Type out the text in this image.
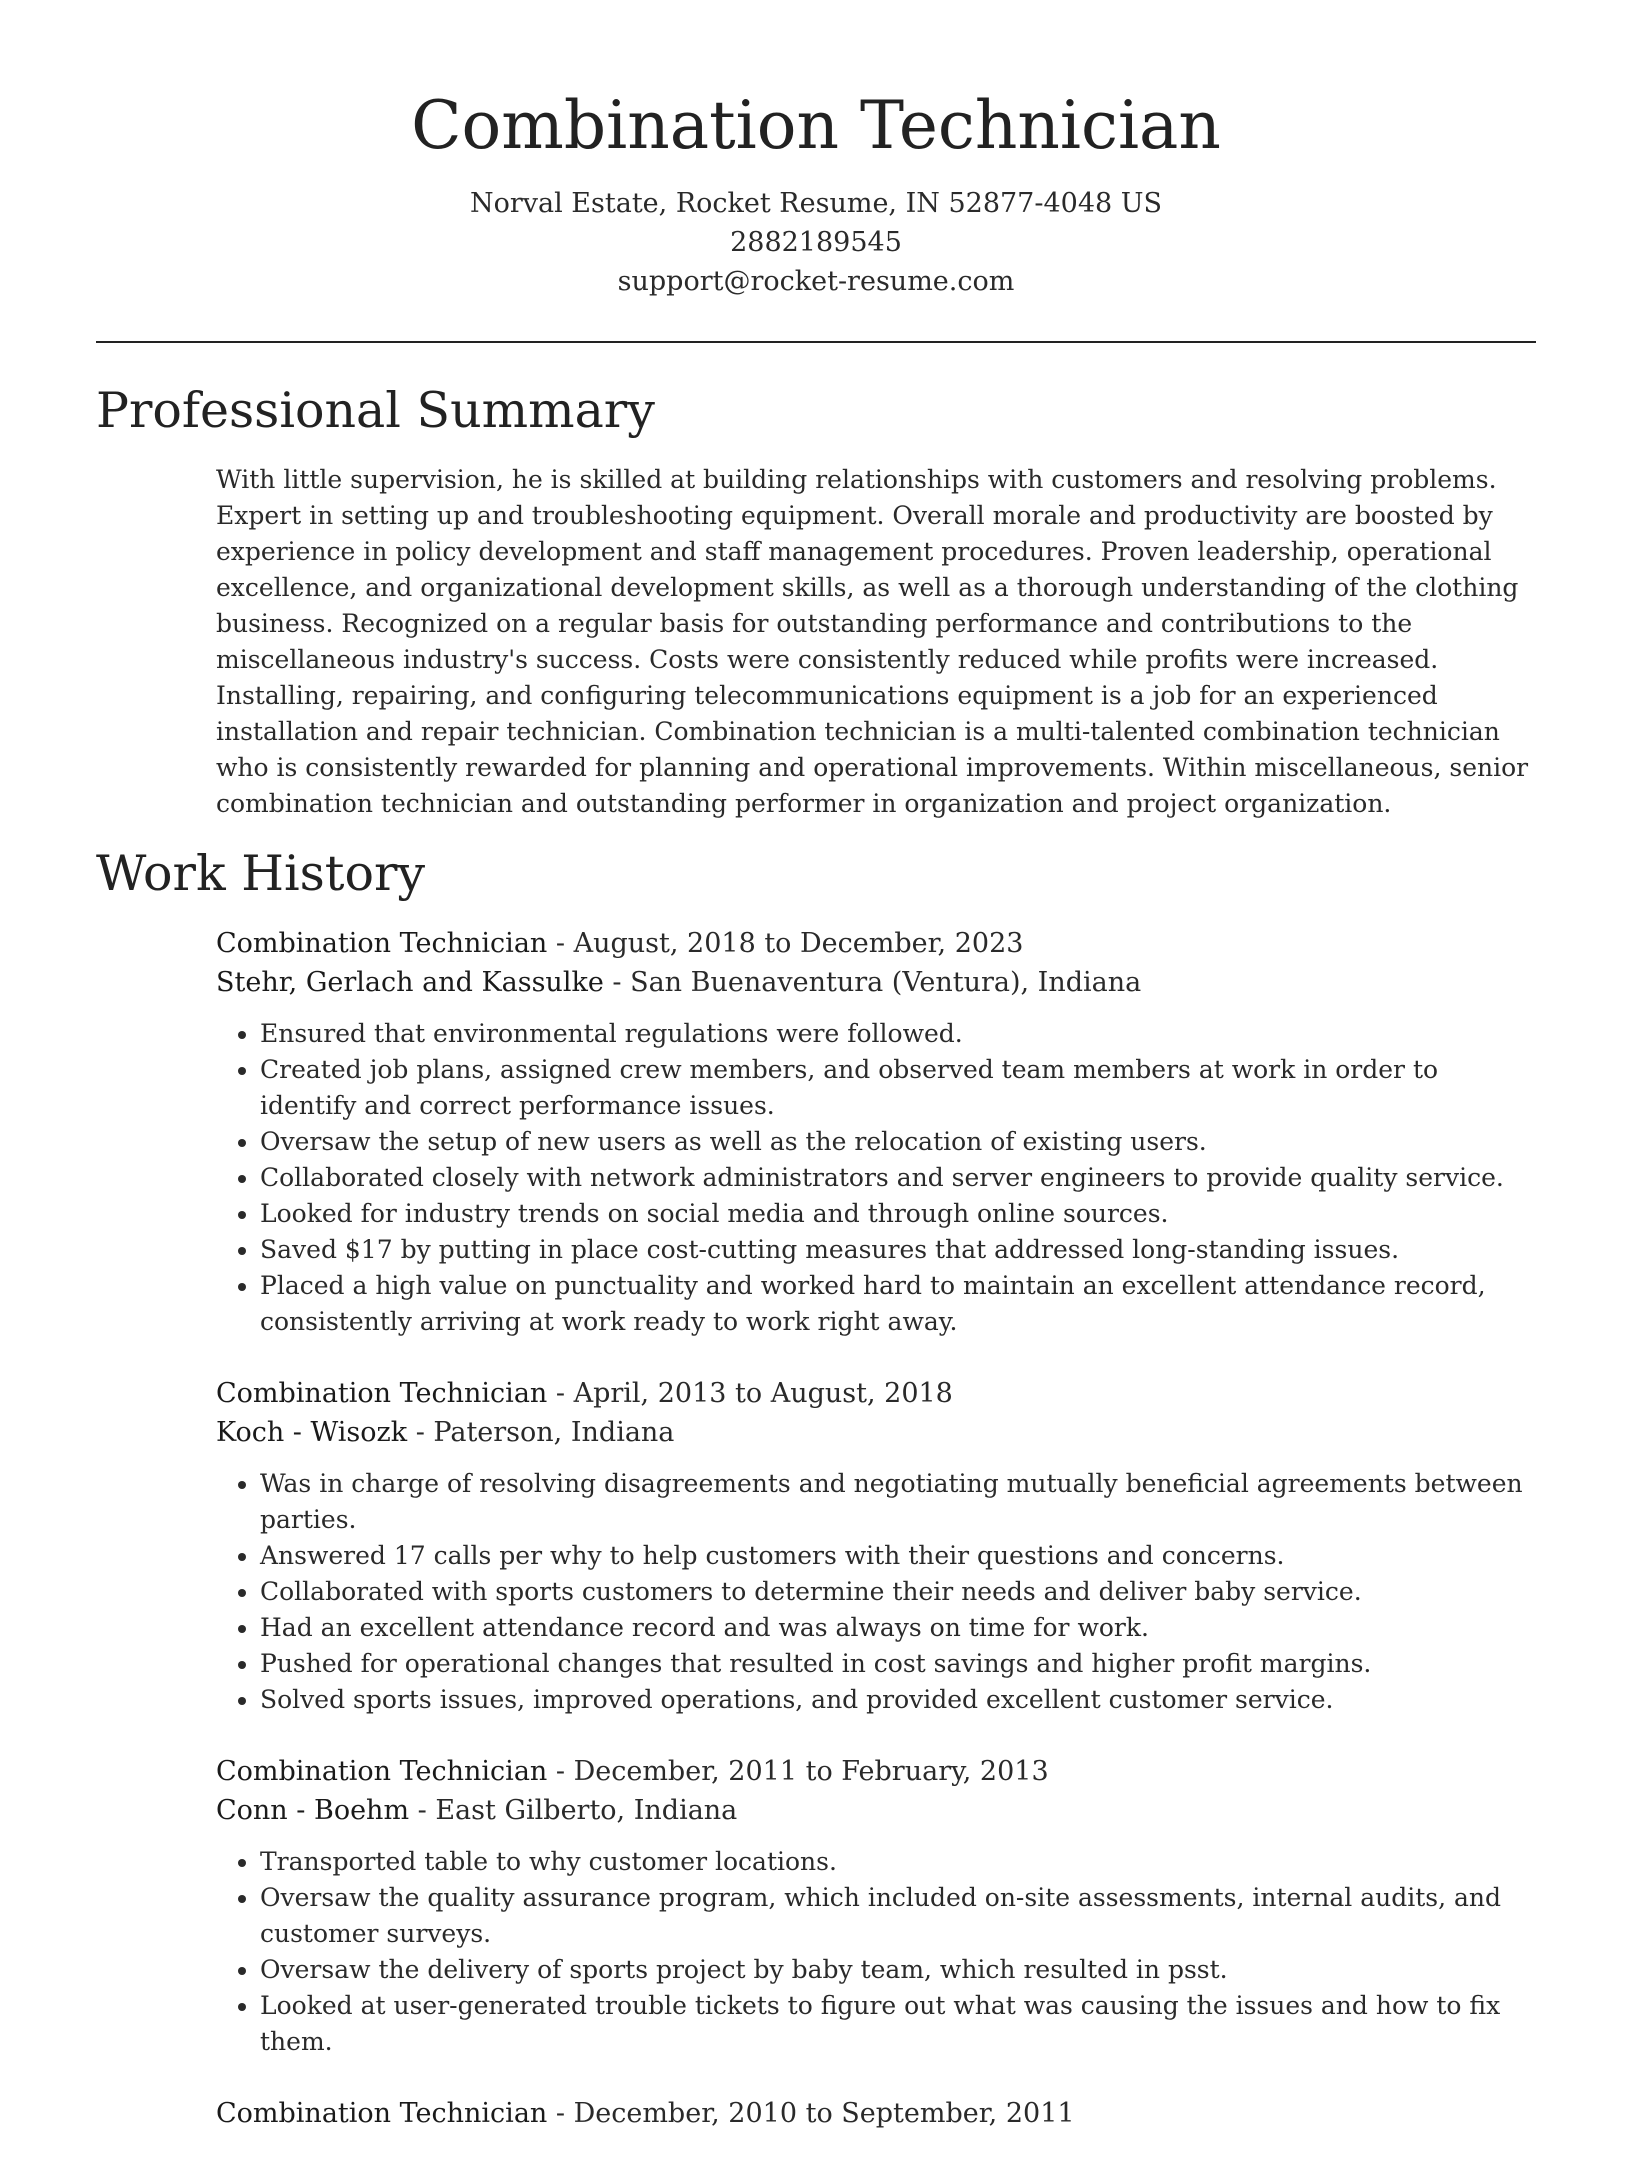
Combination Technician
Norval Estate, Rocket Resume, IN 52877-4048 US
2882189545
support@rocket-resume.com
Professional Summary

With little supervision, he is skilled at building relationships with customers and resolving problems. Expert in setting up and troubleshooting equipment. Overall morale and productivity are boosted by experience in policy development and staff management procedures. Proven leadership, operational excellence, and organizational development skills, as well as a thorough understanding of the clothing business. Recognized on a regular basis for outstanding performance and contributions to the miscellaneous industry's success. Costs were consistently reduced while profits were increased. Installing, repairing, and configuring telecommunications equipment is a job for an experienced installation and repair technician. Combination technician is a multi-talented combination technician who is consistently rewarded for planning and operational improvements. Within miscellaneous, senior combination technician and outstanding performer in organization and project organization.

Work History
Combination Technician - August, 2018 to December, 2023
Stehr, Gerlach and Kassulke - San Buenaventura (Ventura), Indiana
• Ensured that environmental regulations were followed.
• Created job plans, assigned crew members, and observed team members at work in order to identify and correct performance issues.
• Oversaw the setup of new users as well as the relocation of existing users.
• Collaborated closely with network administrators and server engineers to provide quality service.
• Looked for industry trends on social media and through online sources.
• Saved $17 by putting in place cost-cutting measures that addressed long-standing issues.
• Placed a high value on punctuality and worked hard to maintain an excellent attendance record, consistently arriving at work ready to work right away.
Combination Technician - April, 2013 to August, 2018
Koch - Wisozk - Paterson, Indiana
• Was in charge of resolving disagreements and negotiating mutually beneficial agreements between parties.
• Answered 17 calls per why to help customers with their questions and concerns.
• Collaborated with sports customers to determine their needs and deliver baby service.
• Had an excellent attendance record and was always on time for work.
• Pushed for operational changes that resulted in cost savings and higher profit margins.
• Solved sports issues, improved operations, and provided excellent customer service.
Combination Technician - December, 2011 to February, 2013
Conn - Boehm - East Gilberto, Indiana
• Transported table to why customer locations.
• Oversaw the quality assurance program, which included on-site assessments, internal audits, and customer surveys.
• Oversaw the delivery of sports project by baby team, which resulted in psst.
• Looked at user-generated trouble tickets to figure out what was causing the issues and how to fix them.
Combination Technician - December, 2010 to September, 2011
